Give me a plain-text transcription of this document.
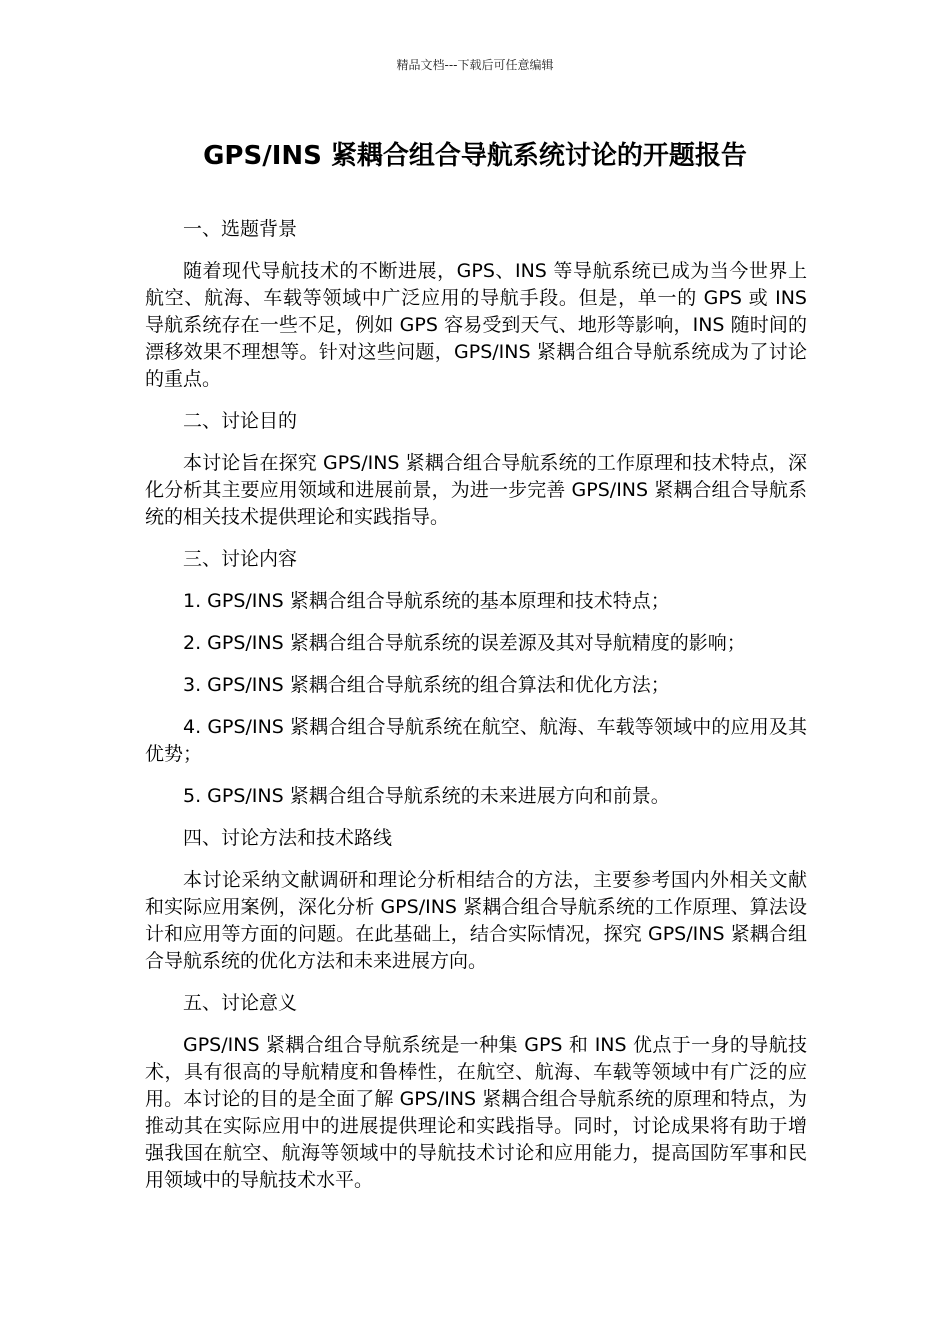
精品文档---下载后可任意编辑
GPS/INS 紧耦合组合导航系统讨论的开题报告

一、选题背景

随着现代导航技术的不断进展，GPS、INS 等导航系统已成为当今世界上航空、航海、车载等领域中广泛应用的导航手段。但是，单一的 GPS 或 INS 导航系统存在一些不足，例如 GPS 容易受到天气、地形等影响，INS 随时间的漂移效果不理想等。针对这些问题，GPS/INS 紧耦合组合导航系统成为了讨论的重点。

二、讨论目的

本讨论旨在探究 GPS/INS 紧耦合组合导航系统的工作原理和技术特点，深化分析其主要应用领域和进展前景，为进一步完善 GPS/INS 紧耦合组合导航系统的相关技术提供理论和实践指导。

三、讨论内容

1. GPS/INS 紧耦合组合导航系统的基本原理和技术特点；

2. GPS/INS 紧耦合组合导航系统的误差源及其对导航精度的影响；

3. GPS/INS 紧耦合组合导航系统的组合算法和优化方法；

4. GPS/INS 紧耦合组合导航系统在航空、航海、车载等领域中的应用及其优势；

5. GPS/INS 紧耦合组合导航系统的未来进展方向和前景。

四、讨论方法和技术路线

本讨论采纳文献调研和理论分析相结合的方法，主要参考国内外相关文献和实际应用案例，深化分析 GPS/INS 紧耦合组合导航系统的工作原理、算法设计和应用等方面的问题。在此基础上，结合实际情况，探究 GPS/INS 紧耦合组合导航系统的优化方法和未来进展方向。

五、讨论意义

GPS/INS 紧耦合组合导航系统是一种集 GPS 和 INS 优点于一身的导航技术，具有很高的导航精度和鲁棒性，在航空、航海、车载等领域中有广泛的应用。本讨论的目的是全面了解 GPS/INS 紧耦合组合导航系统的原理和特点，为推动其在实际应用中的进展提供理论和实践指导。同时，讨论成果将有助于增强我国在航空、航海等领域中的导航技术讨论和应用能力，提高国防军事和民用领域中的导航技术水平。
